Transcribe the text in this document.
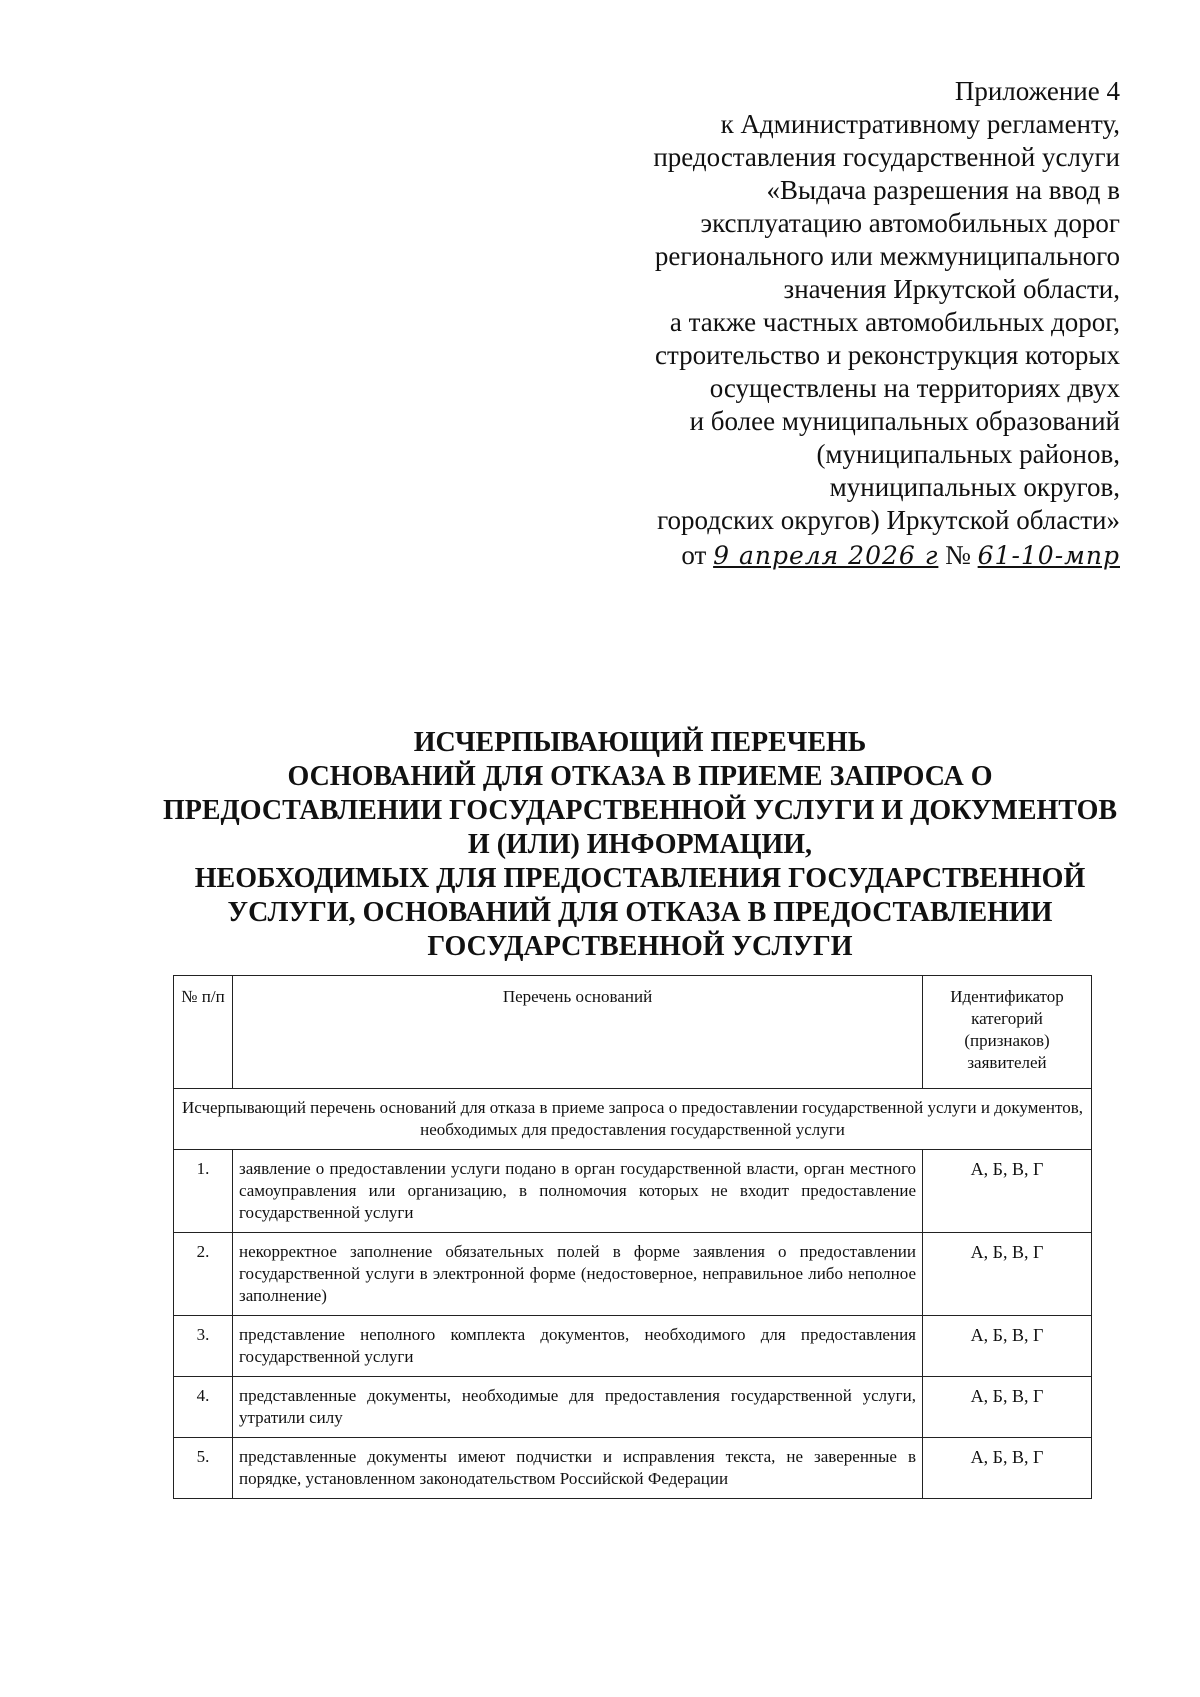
Приложение 4
к Административному регламенту,
предоставления государственной услуги
«Выдача разрешения на ввод в
эксплуатацию автомобильных дорог
регионального или межмуниципального
значения Иркутской области,
а также частных автомобильных дорог,
строительство и реконструкция которых
осуществлены на территориях двух
и более муниципальных образований
(муниципальных районов,
муниципальных округов,
городских округов) Иркутской области»
от 9 апреля 2026 г № 61-10-мпр
ИСЧЕРПЫВАЮЩИЙ ПЕРЕЧЕНЬ
ОСНОВАНИЙ ДЛЯ ОТКАЗА В ПРИЕМЕ ЗАПРОСА О
ПРЕДОСТАВЛЕНИИ ГОСУДАРСТВЕННОЙ УСЛУГИ И ДОКУМЕНТОВ
И (ИЛИ) ИНФОРМАЦИИ,
НЕОБХОДИМЫХ ДЛЯ ПРЕДОСТАВЛЕНИЯ ГОСУДАРСТВЕННОЙ
УСЛУГИ, ОСНОВАНИЙ ДЛЯ ОТКАЗА В ПРЕДОСТАВЛЕНИИ
ГОСУДАРСТВЕННОЙ УСЛУГИ
№ п/п	Перечень оснований	Идентификатор категорий (признаков) заявителей
Исчерпывающий перечень оснований для отказа в приеме запроса о предоставлении государственной услуги и документов, необходимых для предоставления государственной услуги		
1.	заявление о предоставлении услуги подано в орган государственной власти, орган местного самоуправления или организацию, в полномочия которых не входит предоставление государственной услуги	А, Б, В, Г
2.	некорректное заполнение обязательных полей в форме заявления о предоставлении государственной услуги в электронной форме (недостоверное, неправильное либо неполное заполнение)	А, Б, В, Г
3.	представление неполного комплекта документов, необходимого для предоставления государственной услуги	А, Б, В, Г
4.	представленные документы, необходимые для предоставления государственной услуги, утратили силу	А, Б, В, Г
5.	представленные документы имеют подчистки и исправления текста, не заверенные в порядке, установленном законодательством Российской Федерации	А, Б, В, Г
